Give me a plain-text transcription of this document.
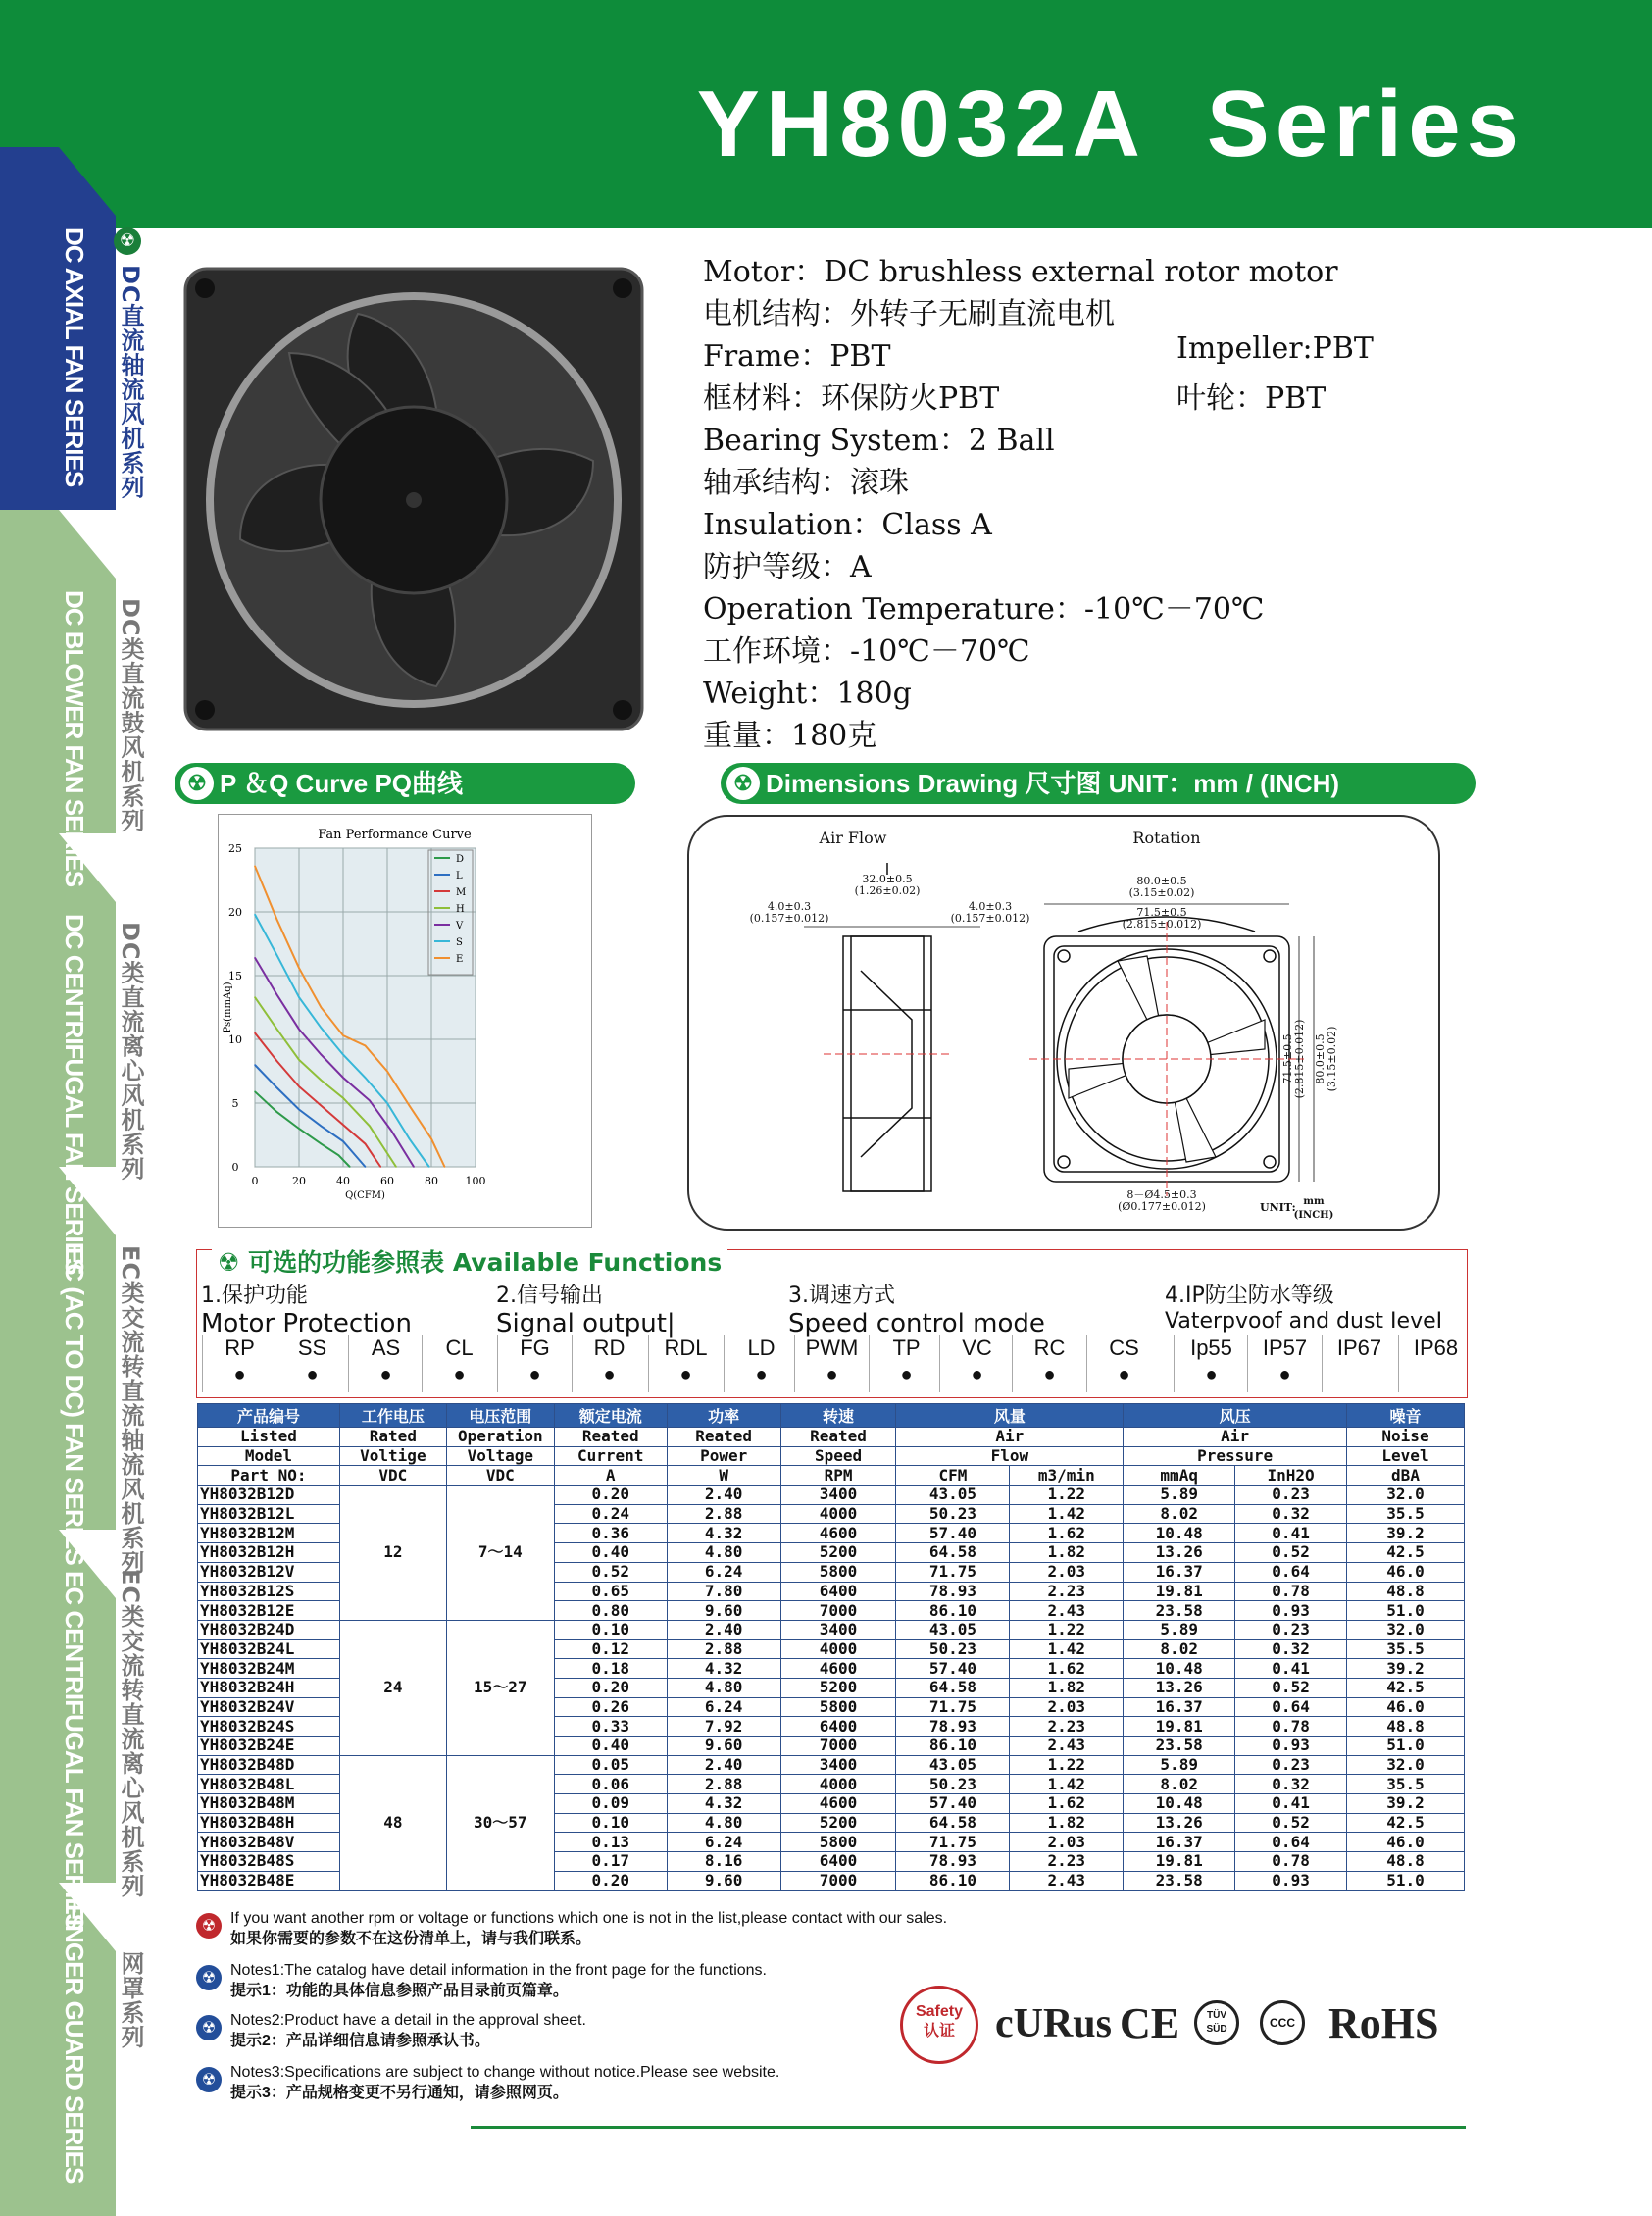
YH8032A  Series
DC AXIAL FAN SERIES	☢
DC直流轴流风机系列
DC BLOWER FAN SERIES DC类直流鼓风机系列
DC CENTRIFUGAL FAN SERIES DC类直流离心风机系列
EC (AC TO DC) FAN SERIES EC类交流转直流轴流风机系列
EC CENTRIFUGAL FAN SERIES EC类交流转直流离心风机系列
FINGER GUARD SERIES 网罩系列
Motor：DC brushless external rotor motor
电机结构：外转子无刷直流电机
Frame：PBT	Impeller:PBT
框材料：环保防火PBT	叶轮：PBT
Bearing System：2 Ball
轴承结构：滚珠
Insulation：Class A
防护等级：A
Operation Temperature：-10℃－70℃
工作环境：-10℃－70℃
Weight：180g
重量：180克
☢ P ＆Q Curve PQ曲线	☢ Dimensions Drawing 尺寸图 UNIT：mm / (INCH)
0	20	40	60	80	100
0
5
10
15
20
25
Fan Performance Curve
Q(CFM)
Ps(mmAq)
D
L
M
H
V
S
E
Air Flow	Rotation
32.0±0.5
(1.26±0.02)
4.0±0.3
(0.157±0.012)
4.0±0.3
(0.157±0.012)
80.0±0.5
(3.15±0.02)
71.5±0.5
(2.815±0.012)
8－Ø4.5±0.3
(Ø0.177±0.012)
71.5±0.5 (2.815±0.012) 80.0±0.5 (3.15±0.02)
UNIT: mm
(INCH)
☢ 可选的功能参照表 Available Functions
1.保护功能
Motor Protection
2.信号输出
Signal output|
3.调速方式
Speed control mode
4.IP防尘防水等级
Vaterpvoof and dust IeveI
RP
●
SS
●
AS
●
CL
●
FG
●
RD
●
RDL
●
LD
●
PWM
●
TP
●
VC
●
RC
●
CS
●
Ip55
●
IP57
●
IP67	IP68
产品编号	工作电压	电压范围	额定电流	功率	转速	风量		风压		噪音
Listed	Rated	Operation	Reated	Reated	Reated	Air		Air		Noise
Model	Voltige	Voltage	Current	Power	Speed	Flow		Pressure		Level
Part NO:	VDC	VDC	A	W	RPM	CFM	m3/min	mmAq	InH2O	dBA
YH8032B12D	12	7～14	0.20	2.40	3400	43.05	1.22	5.89	0.23	32.0
YH8032B12L			0.24	2.88	4000	50.23	1.42	8.02	0.32	35.5
YH8032B12M			0.36	4.32	4600	57.40	1.62	10.48	0.41	39.2
YH8032B12H			0.40	4.80	5200	64.58	1.82	13.26	0.52	42.5
YH8032B12V			0.52	6.24	5800	71.75	2.03	16.37	0.64	46.0
YH8032B12S			0.65	7.80	6400	78.93	2.23	19.81	0.78	48.8
YH8032B12E			0.80	9.60	7000	86.10	2.43	23.58	0.93	51.0
YH8032B24D	24	15～27	0.10	2.40	3400	43.05	1.22	5.89	0.23	32.0
YH8032B24L			0.12	2.88	4000	50.23	1.42	8.02	0.32	35.5
YH8032B24M			0.18	4.32	4600	57.40	1.62	10.48	0.41	39.2
YH8032B24H			0.20	4.80	5200	64.58	1.82	13.26	0.52	42.5
YH8032B24V			0.26	6.24	5800	71.75	2.03	16.37	0.64	46.0
YH8032B24S			0.33	7.92	6400	78.93	2.23	19.81	0.78	48.8
YH8032B24E			0.40	9.60	7000	86.10	2.43	23.58	0.93	51.0
YH8032B48D	48	30～57	0.05	2.40	3400	43.05	1.22	5.89	0.23	32.0
YH8032B48L			0.06	2.88	4000	50.23	1.42	8.02	0.32	35.5
YH8032B48M			0.09	4.32	4600	57.40	1.62	10.48	0.41	39.2
YH8032B48H			0.10	4.80	5200	64.58	1.82	13.26	0.52	42.5
YH8032B48V			0.13	6.24	5800	71.75	2.03	16.37	0.64	46.0
YH8032B48S			0.17	8.16	6400	78.93	2.23	19.81	0.78	48.8
YH8032B48E			0.20	9.60	7000	86.10	2.43	23.58	0.93	51.0
☢ If you want another rpm or voltage or functions which one is not in the list,please contact with our sales.
如果你需要的参数不在这份清单上，请与我们联系。
☢ Notes1:The catalog have detail information in the front page for the functions.
提示1：功能的具体信息参照产品目录前页篇章。
☢ Notes2:Product have a detail in the approval sheet.
提示2：产品详细信息请参照承认书。
☢ Notes3:Specifications are subject to change without notice.Please see website.
提示3：产品规格变更不另行通知，请参照网页。
Safety
认证 cURus CE	TÜV SÜD	CCC RoHS
